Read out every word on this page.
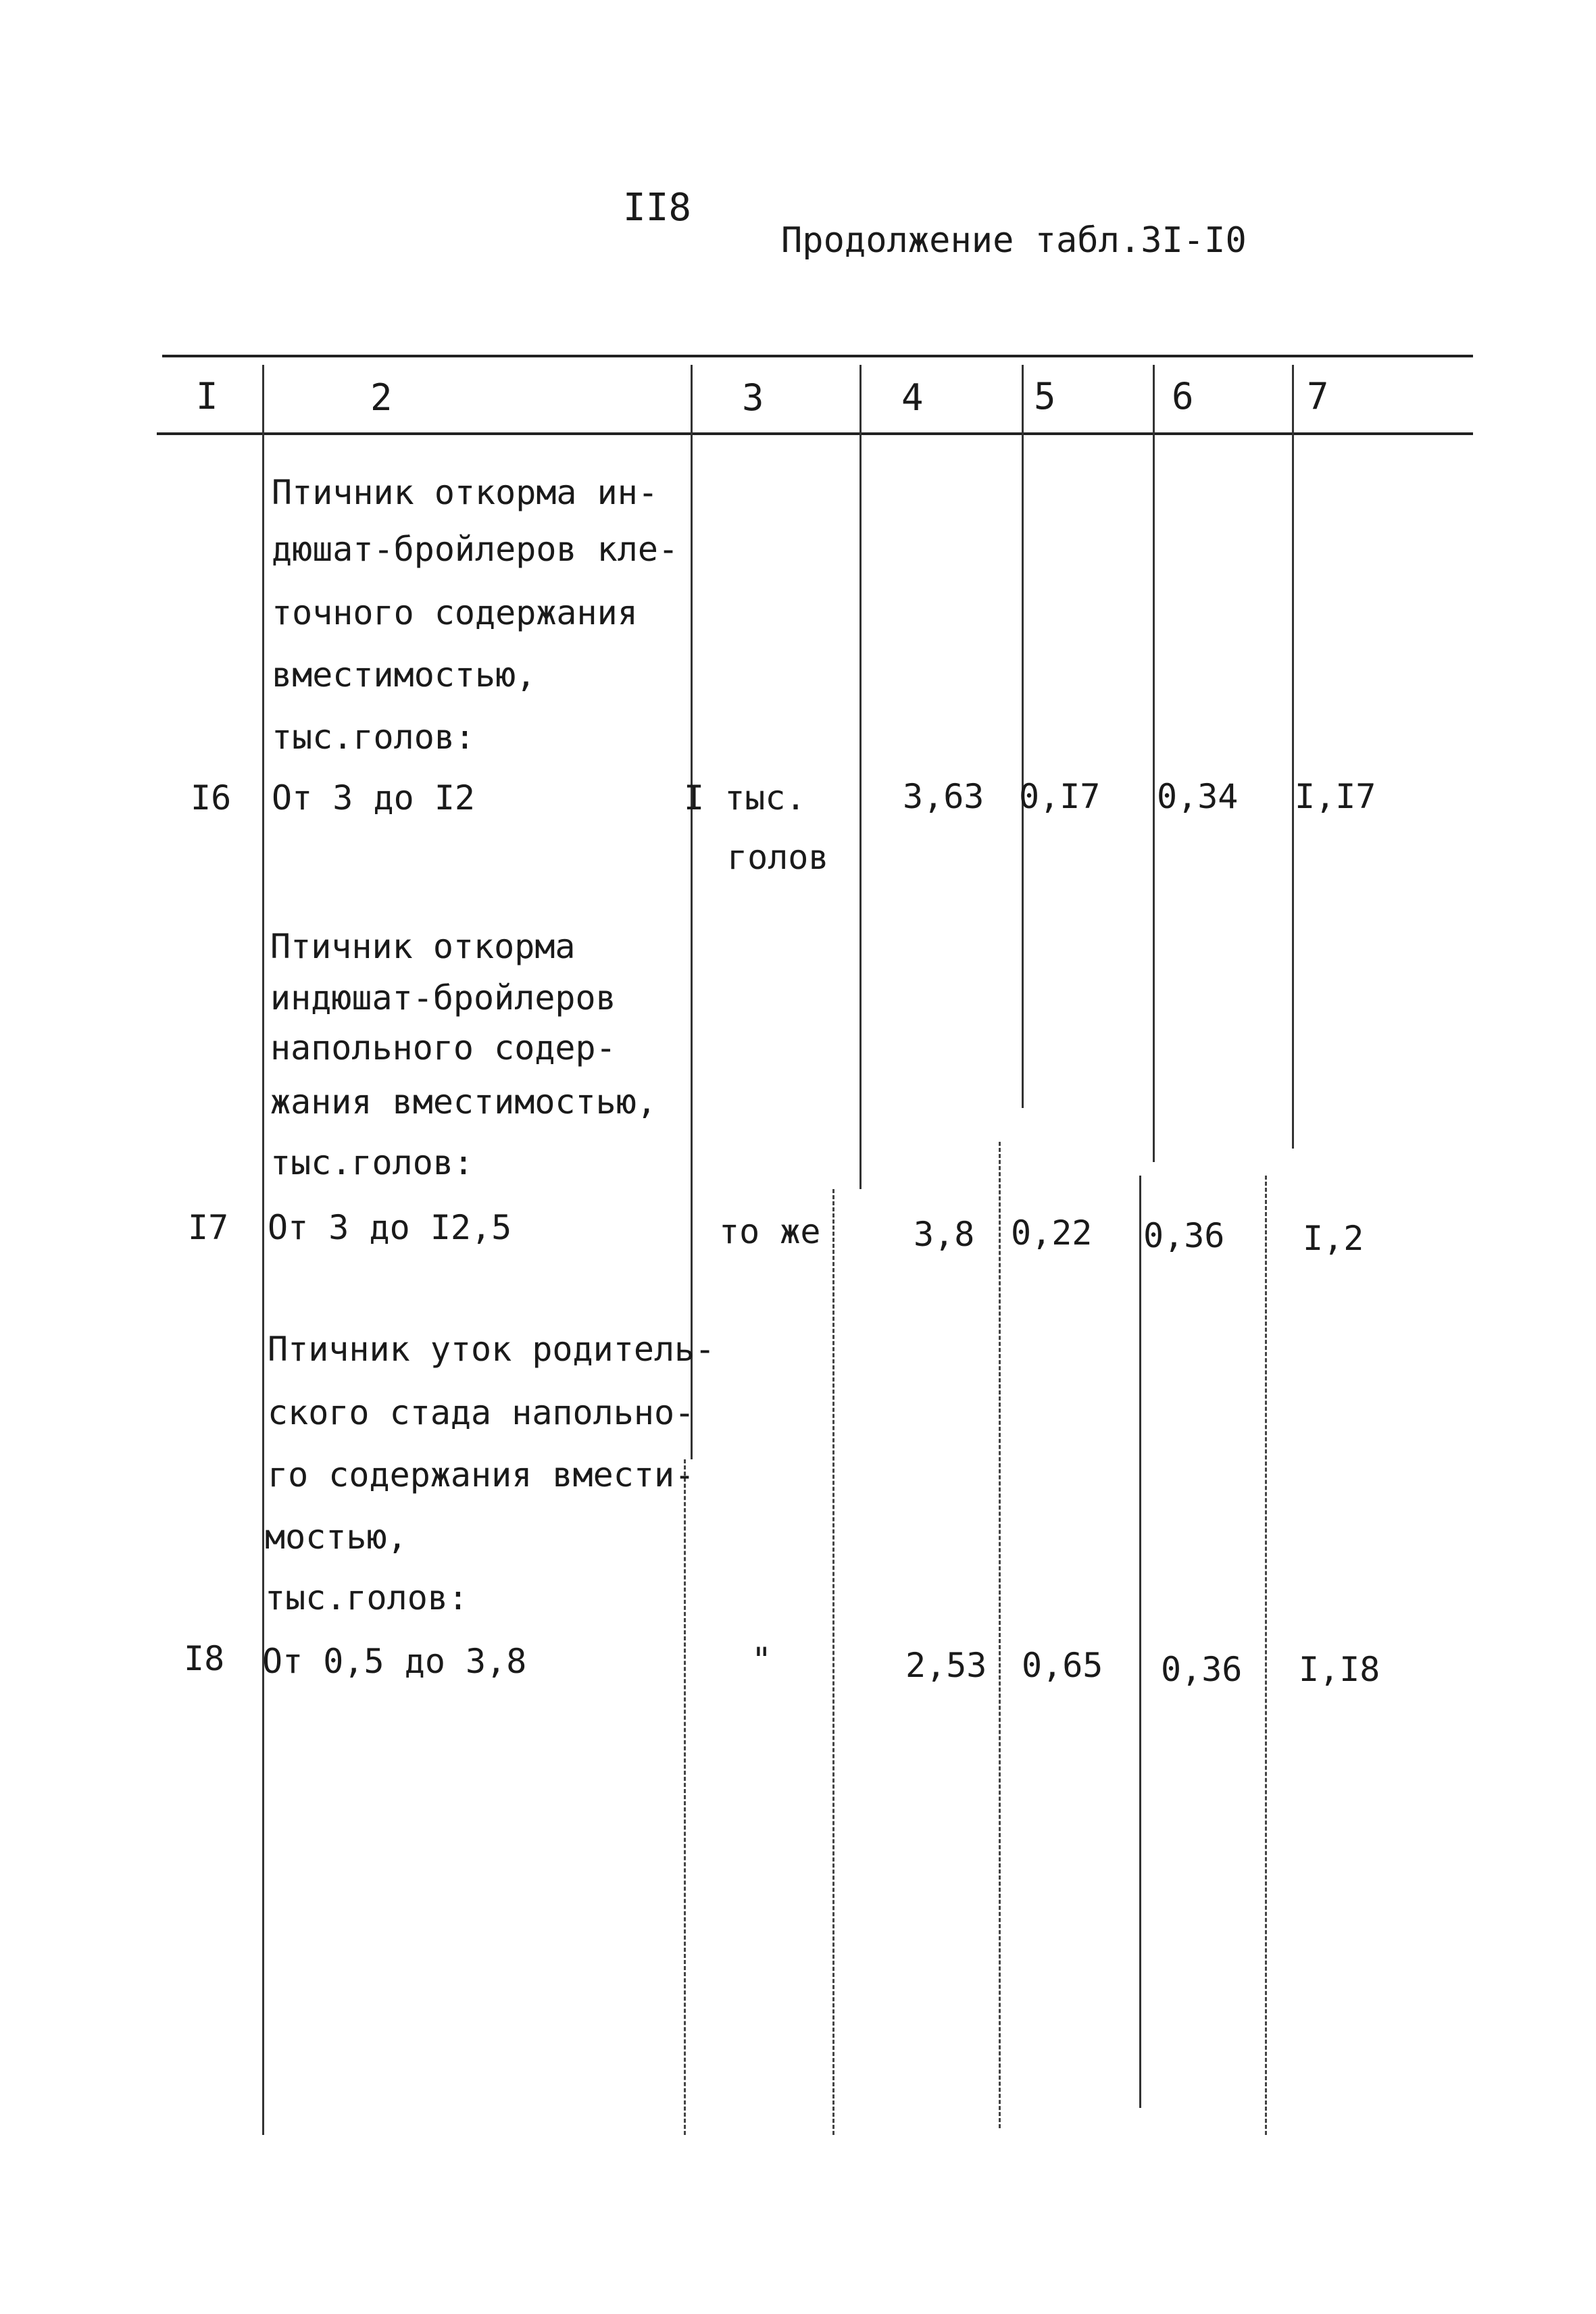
II8
Продолжение табл.3I-I0
I	2	3	4	5	6	7
Птичник откорма ин-
дюшат-бройлеров кле-
точного содержания
вместимостью,
тыс.голов:
От 3 до I2
I6	I тыс.
голов
3,63 0,I7 0,34 I,I7
Птичник откорма
индюшат-бройлеров
напольного содер-
жания вместимостью,
тыс.голов:
От 3 до I2,5
I7	то же	3,8 0,22 0,36 I,2
Птичник уток родитель-
ского стада напольно-
го содержания вмести-
мостью,
тыс.голов:
От 0,5 до 3,8
I8	"	2,53 0,65 0,36 I,I8
